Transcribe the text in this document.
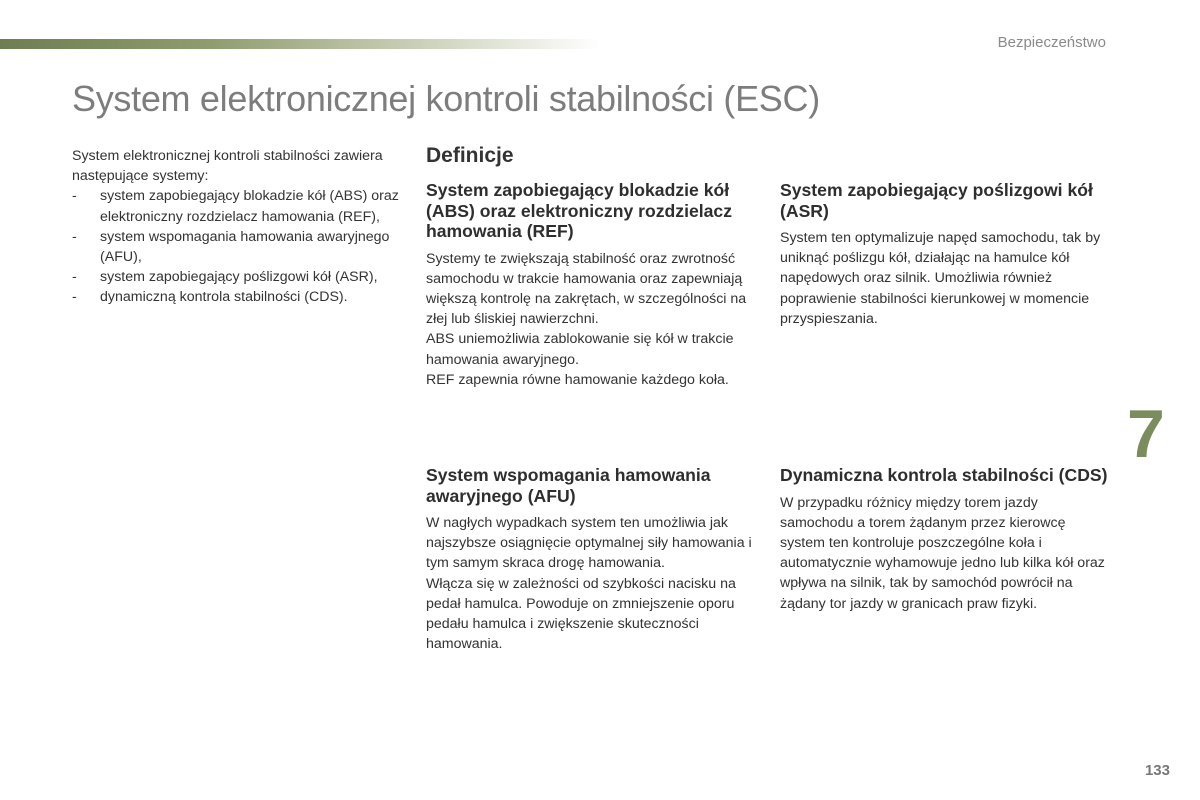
Bezpieczeństwo
System elektronicznej kontroli stabilności (ESC)
System elektronicznej kontroli stabilności zawiera następujące systemy:
- system zapobiegający blokadzie kół (ABS) oraz elektroniczny rozdzielacz hamowania (REF),
- system wspomagania hamowania awaryjnego (AFU),
- system zapobiegający poślizgowi kół (ASR),
- dynamiczną kontrola stabilności (CDS).
Definicje
System zapobiegający blokadzie kół (ABS) oraz elektroniczny rozdzielacz hamowania (REF)

Systemy te zwiększają stabilność oraz zwrotność samochodu w trakcie hamowania oraz zapewniają większą kontrolę na zakrętach, w szczególności na złej lub śliskiej nawierzchni.

ABS uniemożliwia zablokowanie się kół w trakcie hamowania awaryjnego.

REF zapewnia równe hamowanie każdego koła.

System zapobiegający poślizgowi kół (ASR)

System ten optymalizuje napęd samochodu, tak by uniknąć poślizgu kół, działając na hamulce kół napędowych oraz silnik. Umożliwia również poprawienie stabilności kierunkowej w momencie przyspieszania.

System wspomagania hamowania awaryjnego (AFU)

W nagłych wypadkach system ten umożliwia jak najszybsze osiągnięcie optymalnej siły hamowania i tym samym skraca drogę hamowania.

Włącza się w zależności od szybkości nacisku na pedał hamulca. Powoduje on zmniejszenie oporu pedału hamulca i zwiększenie skuteczności hamowania.

Dynamiczna kontrola stabilności (CDS)

W przypadku różnicy między torem jazdy samochodu a torem żądanym przez kierowcę system ten kontroluje poszczególne koła i automatycznie wyhamowuje jedno lub kilka kół oraz wpływa na silnik, tak by samochód powrócił na żądany tor jazdy w granicach praw fizyki.

7
133
